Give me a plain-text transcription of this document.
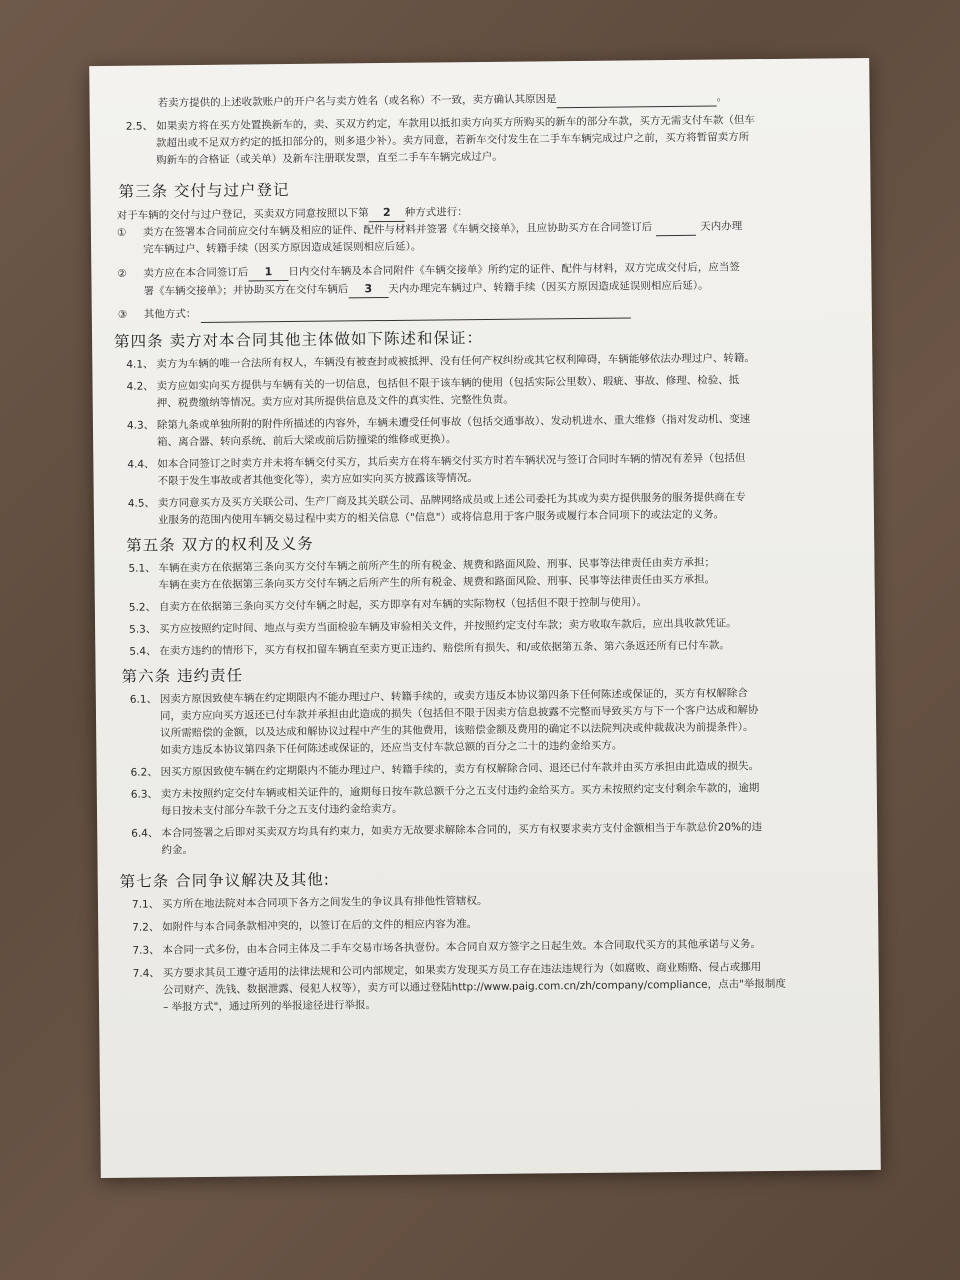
若卖方提供的上述收款账户的开户名与卖方姓名（或名称）不一致，卖方确认其原因是	。
2.5、 如果卖方将在买方处置换新车的，卖、买双方约定，车款用以抵扣卖方向买方所购买的新车的部分车款，买方无需支付车款（但车
款超出或不足双方约定的抵扣部分的，则多退少补）。卖方同意，若新车交付发生在二手车车辆完成过户之前，买方将暂留卖方所
购新车的合格证（或关单）及新车注册联发票，直至二手车车辆完成过户。
第三条 交付与过户登记
对于车辆的交付与过户登记，买卖双方同意按照以下第 2 种方式进行：
① 卖方在签署本合同前应交付车辆及相应的证件、配件与材料并签署《车辆交接单》，且应协助买方在合同签订后	天内办理
完车辆过户、转籍手续（因买方原因造成延误则相应后延）。
② 卖方应在本合同签订后 1 日内交付车辆及本合同附件《车辆交接单》所约定的证件、配件与材料，双方完成交付后，应当签
署《车辆交接单》；并协助买方在交付车辆后 3 天内办理完车辆过户、转籍手续（因买方原因造成延误则相应后延）。
③ 其他方式：
第四条 卖方对本合同其他主体做如下陈述和保证：
4.1、 卖方为车辆的唯一合法所有权人，车辆没有被查封或被抵押、没有任何产权纠纷或其它权利障碍，车辆能够依法办理过户、转籍。
4.2、 卖方应如实向买方提供与车辆有关的一切信息，包括但不限于该车辆的使用（包括实际公里数）、瑕疵、事故、修理、检验、抵
押、税费缴纳等情况。卖方应对其所提供信息及文件的真实性、完整性负责。
4.3、 除第九条或单独所附的附件所描述的内容外，车辆未遭受任何事故（包括交通事故）、发动机进水、重大维修（指对发动机、变速
箱、离合器、转向系统、前后大梁或前后防撞梁的维修或更换）。
4.4、 如本合同签订之时卖方并未将车辆交付买方，其后卖方在将车辆交付买方时若车辆状况与签订合同时车辆的情况有差异（包括但
不限于发生事故或者其他变化等），卖方应如实向买方披露该等情况。
4.5、 卖方同意买方及买方关联公司、生产厂商及其关联公司、品牌网络成员或上述公司委托为其或为卖方提供服务的服务提供商在专
业服务的范围内使用车辆交易过程中卖方的相关信息（"信息"）或将信息用于客户服务或履行本合同项下的或法定的义务。
第五条 双方的权利及义务
5.1、 车辆在卖方在依据第三条向买方交付车辆之前所产生的所有税金、规费和路面风险、刑事、民事等法律责任由卖方承担；
车辆在卖方在依据第三条向买方交付车辆之后所产生的所有税金、规费和路面风险、刑事、民事等法律责任由买方承担。
5.2、 自卖方在依据第三条向买方交付车辆之时起，买方即享有对车辆的实际物权（包括但不限于控制与使用）。
5.3、 买方应按照约定时间、地点与卖方当面检验车辆及审验相关文件，并按照约定支付车款；卖方收取车款后，应出具收款凭证。
5.4、 在卖方违约的情形下，买方有权扣留车辆直至卖方更正违约、赔偿所有损失、和/或依据第五条、第六条返还所有已付车款。
第六条 违约责任
6.1、 因卖方原因致使车辆在约定期限内不能办理过户、转籍手续的，或卖方违反本协议第四条下任何陈述或保证的，买方有权解除合
同，卖方应向买方返还已付车款并承担由此造成的损失（包括但不限于因卖方信息披露不完整而导致买方与下一个客户达成和解协
议所需赔偿的金额，以及达成和解协议过程中产生的其他费用，该赔偿金额及费用的确定不以法院判决或仲裁裁决为前提条件）。
如卖方违反本协议第四条下任何陈述或保证的，还应当支付车款总额的百分之二十的违约金给买方。
6.2、 因买方原因致使车辆在约定期限内不能办理过户、转籍手续的，卖方有权解除合同、退还已付车款并由买方承担由此造成的损失。
6.3、 卖方未按照约定交付车辆或相关证件的，逾期每日按车款总额千分之五支付违约金给买方。买方未按照约定支付剩余车款的，逾期
每日按未支付部分车款千分之五支付违约金给卖方。
6.4、 本合同签署之后即对买卖双方均具有约束力，如卖方无故要求解除本合同的，买方有权要求卖方支付金额相当于车款总价20%的违
约金。
第七条 合同争议解决及其他:
7.1、 买方所在地法院对本合同项下各方之间发生的争议具有排他性管辖权。
7.2、 如附件与本合同条款相冲突的，以签订在后的文件的相应内容为准。
7.3、 本合同一式多份，由本合同主体及二手车交易市场各执壹份。本合同自双方签字之日起生效。本合同取代买方的其他承诺与义务。
7.4、 买方要求其员工遵守适用的法律法规和公司内部规定，如果卖方发现买方员工存在违法违规行为（如腐败、商业贿赂、侵占或挪用
公司财产、洗钱、数据泄露、侵犯人权等），卖方可以通过登陆http://www.paig.com.cn/zh/company/compliance，点击"举报制度
– 举报方式"，通过所列的举报途径进行举报。
